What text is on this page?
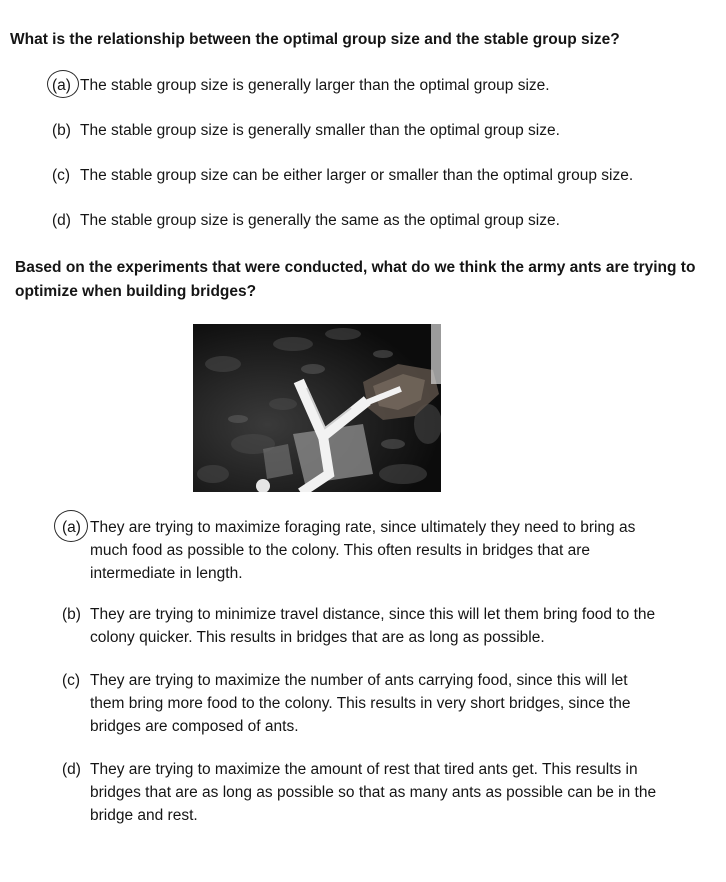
What is the relationship between the optimal group size and the stable group size?
(a) The stable group size is generally larger than the optimal group size.
(b) The stable group size is generally smaller than the optimal group size.
(c) The stable group size can be either larger or smaller than the optimal group size.
(d) The stable group size is generally the same as the optimal group size.
Based on the experiments that were conducted, what do we think the army ants are trying to optimize when building bridges?
(a) They are trying to maximize foraging rate, since ultimately they need to bring as much food as possible to the colony. This often results in bridges that are intermediate in length.
(b) They are trying to minimize travel distance, since this will let them bring food to the colony quicker. This results in bridges that are as long as possible.
(c) They are trying to maximize the number of ants carrying food, since this will let them bring more food to the colony. This results in very short bridges, since the bridges are composed of ants.
(d) They are trying to maximize the amount of rest that tired ants get. This results in bridges that are as long as possible so that as many ants as possible can be in the bridge and rest.
